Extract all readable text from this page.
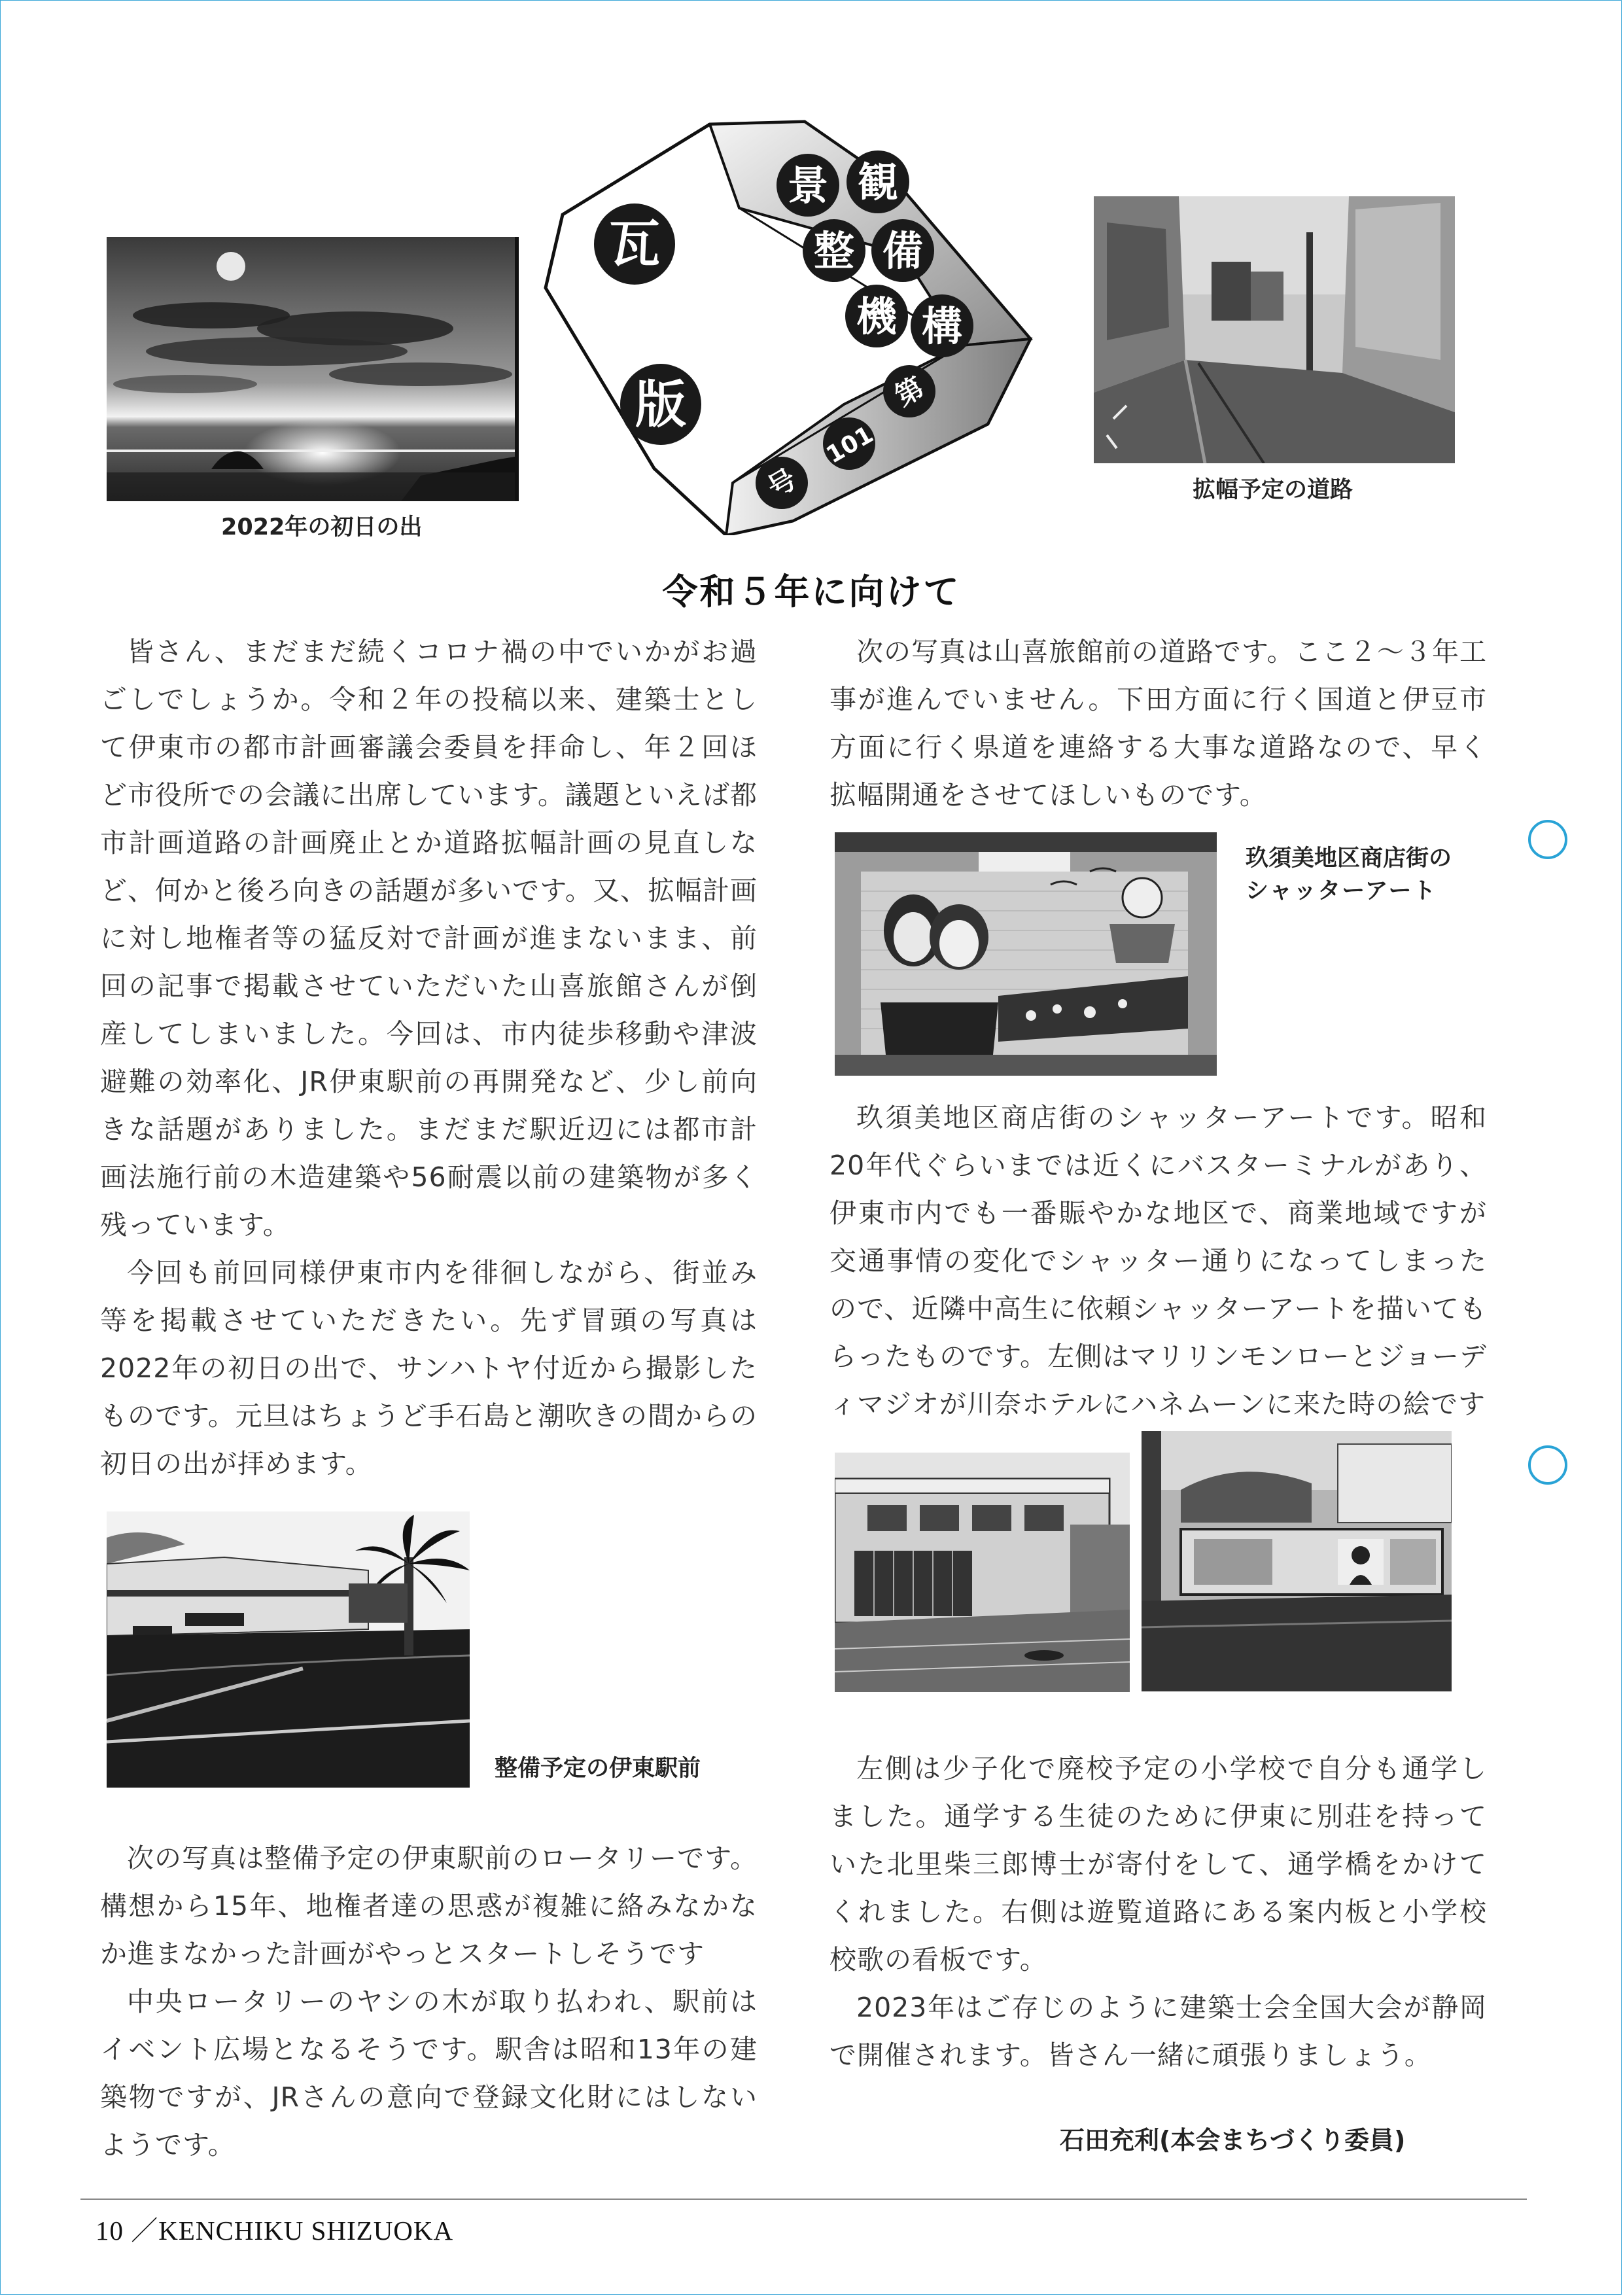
2022年の初日の出
景 観
整 備
機 構
瓦
版	第
101
号	拡幅予定の道路
令和５年に向けて

皆さん、まだまだ続くコロナ禍の中でいかがお過ごしでしょうか。令和２年の投稿以来、建築士として伊東市の都市計画審議会委員を拝命し、年２回ほど市役所での会議に出席しています。議題といえば都市計画道路の計画廃止とか道路拡幅計画の見直しなど、何かと後ろ向きの話題が多いです。又、拡幅計画に対し地権者等の猛反対で計画が進まないまま、前回の記事で掲載させていただいた山喜旅館さんが倒産してしまいました。今回は、市内徒歩移動や津波避難の効率化、JR伊東駅前の再開発など、少し前向きな話題がありました。まだまだ駅近辺には都市計画法施行前の木造建築や56耐震以前の建築物が多く残っています。

今回も前回同様伊東市内を徘徊しながら、街並み等を掲載させていただきたい。先ず冒頭の写真は2022年の初日の出で、サンハトヤ付近から撮影したものです。元旦はちょうど手石島と潮吹きの間からの初日の出が拝めます。

整備予定の伊東駅前

次の写真は整備予定の伊東駅前のロータリーです。構想から15年、地権者達の思惑が複雑に絡みなかなか進まなかった計画がやっとスタートしそうです

中央ロータリーのヤシの木が取り払われ、駅前はイベント広場となるそうです。駅舎は昭和13年の建築物ですが、JRさんの意向で登録文化財にはしないようです。

次の写真は山喜旅館前の道路です。ここ２～３年工事が進んでいません。下田方面に行く国道と伊豆市方面に行く県道を連絡する大事な道路なので、早く拡幅開通をさせてほしいものです。

玖須美地区商店街の
シャッターアート

玖須美地区商店街のシャッターアートです。昭和20年代ぐらいまでは近くにバスターミナルがあり、伊東市内でも一番賑やかな地区で、商業地域ですが交通事情の変化でシャッター通りになってしまったので、近隣中高生に依頼シャッターアートを描いてもらったものです。左側はマリリンモンローとジョーディマジオが川奈ホテルにハネムーンに来た時の絵です

左側は少子化で廃校予定の小学校で自分も通学しました。通学する生徒のために伊東に別荘を持っていた北里柴三郎博士が寄付をして、通学橋をかけてくれました。右側は遊覧道路にある案内板と小学校校歌の看板です。

2023年はご存じのように建築士会全国大会が静岡で開催されます。皆さん一緒に頑張りましょう。

石田充利(本会まちづくり委員)
10 ／KENCHIKU SHIZUOKA
